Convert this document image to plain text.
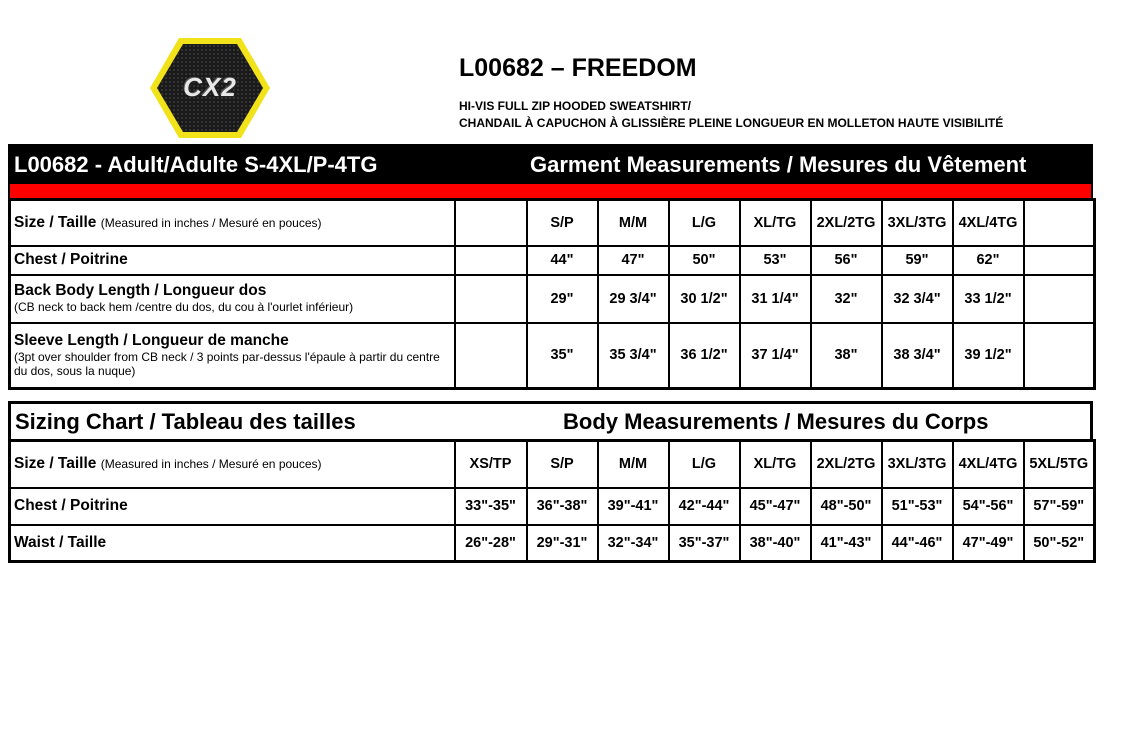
CX2
L00682 – FREEDOM
HI-VIS FULL ZIP HOODED SWEATSHIRT/
CHANDAIL À CAPUCHON À GLISSIÈRE PLEINE LONGUEUR EN MOLLETON HAUTE VISIBILITÉ
L00682 - Adult/Adulte S-4XL/P-4TG	Garment Measurements / Mesures du Vêtement
Size / Taille (Measured in inches / Mesuré en pouces)		S/P	M/M	L/G	XL/TG	2XL/2TG	3XL/3TG	4XL/4TG	
Chest / Poitrine		44"	47"	50"	53"	56"	59"	62"	
Back Body Length / Longueur dos
(CB neck to back hem /centre du dos, du cou à l'ourlet inférieur)		29"	29 3/4"	30 1/2"	31 1/4"	32"	32 3/4"	33 1/2"	
Sleeve Length / Longueur de manche
(3pt over shoulder from CB neck / 3 points par-dessus l'épaule à partir du centre du dos, sous la nuque)		35"	35 3/4"	36 1/2"	37 1/4"	38"	38 3/4"	39 1/2"	
Sizing Chart / Tableau des tailles	Body Measurements / Mesures du Corps
Size / Taille (Measured in inches / Mesuré en pouces)	XS/TP	S/P	M/M	L/G	XL/TG	2XL/2TG	3XL/3TG	4XL/4TG	5XL/5TG
Chest / Poitrine	33"-35"	36"-38"	39"-41"	42"-44"	45"-47"	48"-50"	51"-53"	54"-56"	57"-59"
Waist / Taille	26"-28"	29"-31"	32"-34"	35"-37"	38"-40"	41"-43"	44"-46"	47"-49"	50"-52"
